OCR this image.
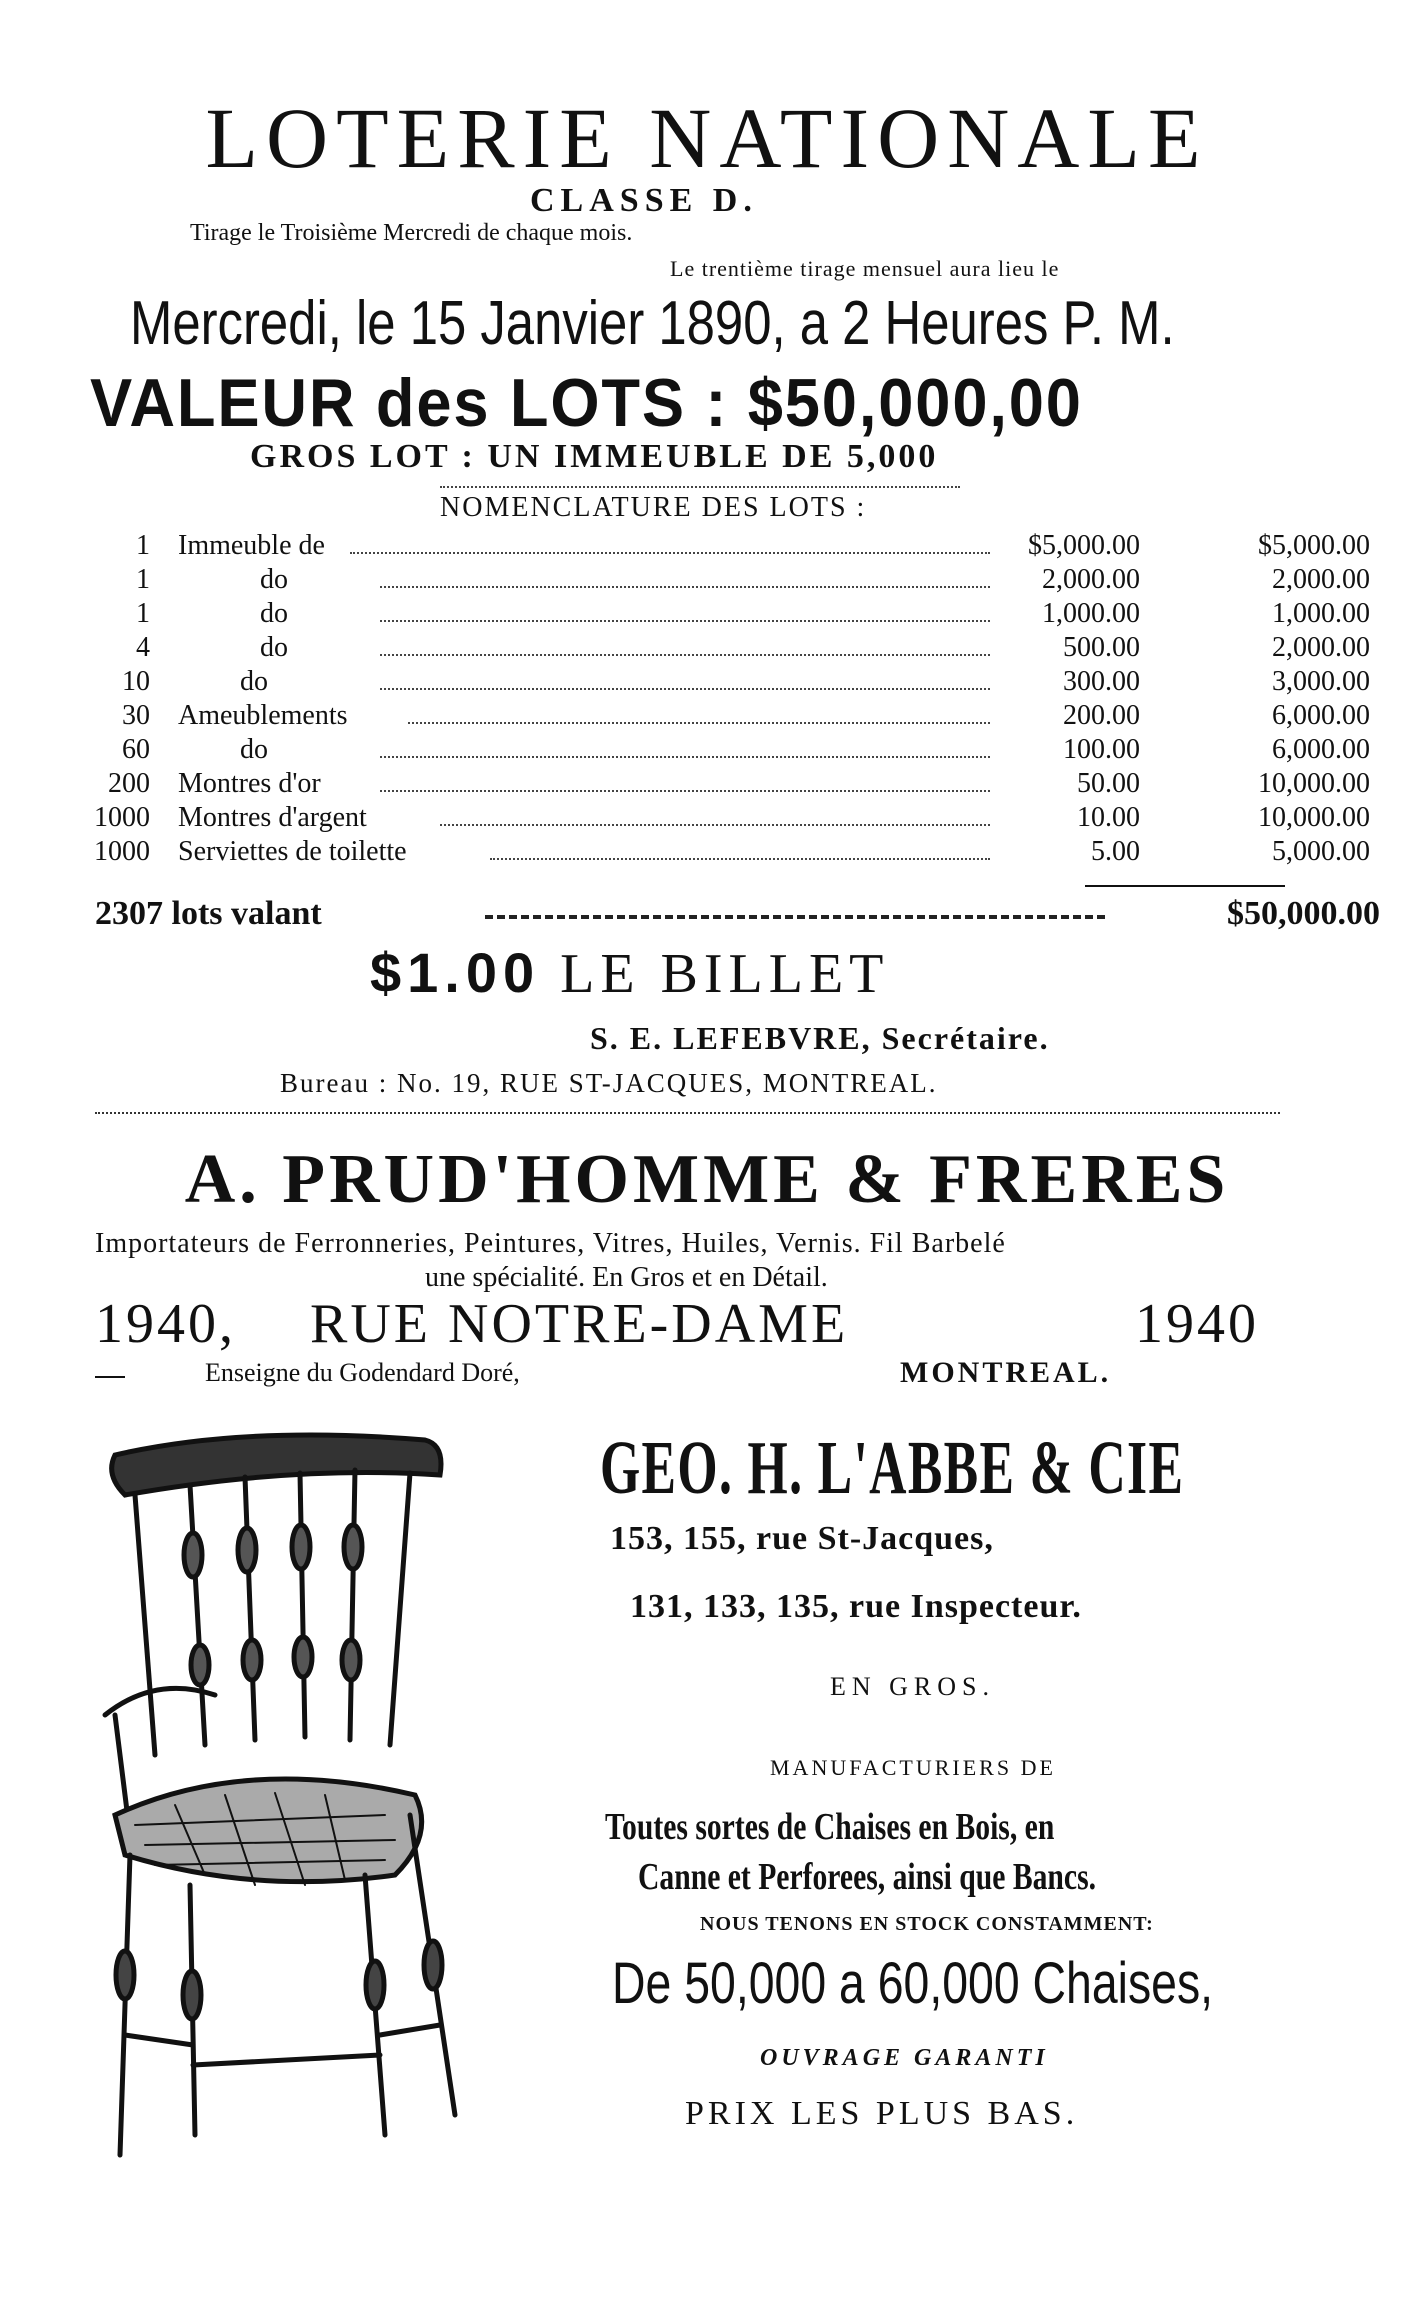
LOTERIE NATIONALE
CLASSE D.
Tirage le Troisième Mercredi de chaque mois.
Le trentième tirage mensuel aura lieu le
Mercredi, le 15 Janvier 1890, a 2 Heures P. M.
VALEUR des LOTS : $50,000,00
GROS LOT : UN IMMEUBLE DE 5,000
NOMENCLATURE DES LOTS :
1 Immeuble de	$5,000.00	$5,000.00
1	do	2,000.00	2,000.00
1	do	1,000.00	1,000.00
4	do	500.00	2,000.00
10	do	300.00	3,000.00
30 Ameublements	200.00	6,000.00
60	do	100.00	6,000.00
200 Montres d'or	50.00	10,000.00
1000 Montres d'argent	10.00	10,000.00
1000 Serviettes de toilette	5.00	5,000.00
2307 lots valant	$50,000.00
$1.00 LE BILLET
S. E. LEFEBVRE, Secrétaire.
Bureau : No. 19, RUE ST-JACQUES, MONTREAL.
A. PRUD'HOMME & FRERES
Importateurs de Ferronneries, Peintures, Vitres, Huiles, Vernis. Fil Barbelé
une spécialité. En Gros et en Détail.
1940, RUE NOTRE-DAME	1940
Enseigne du Godendard Doré,	MONTREAL.
GEO. H. L'ABBE & CIE
153, 155, rue St-Jacques,
131, 133, 135, rue Inspecteur.
EN GROS.
MANUFACTURIERS DE
Toutes sortes de Chaises en Bois, en
Canne et Perforees, ainsi que Bancs.
NOUS TENONS EN STOCK CONSTAMMENT:
De 50,000 a 60,000 Chaises,
OUVRAGE GARANTI
PRIX LES PLUS BAS.
